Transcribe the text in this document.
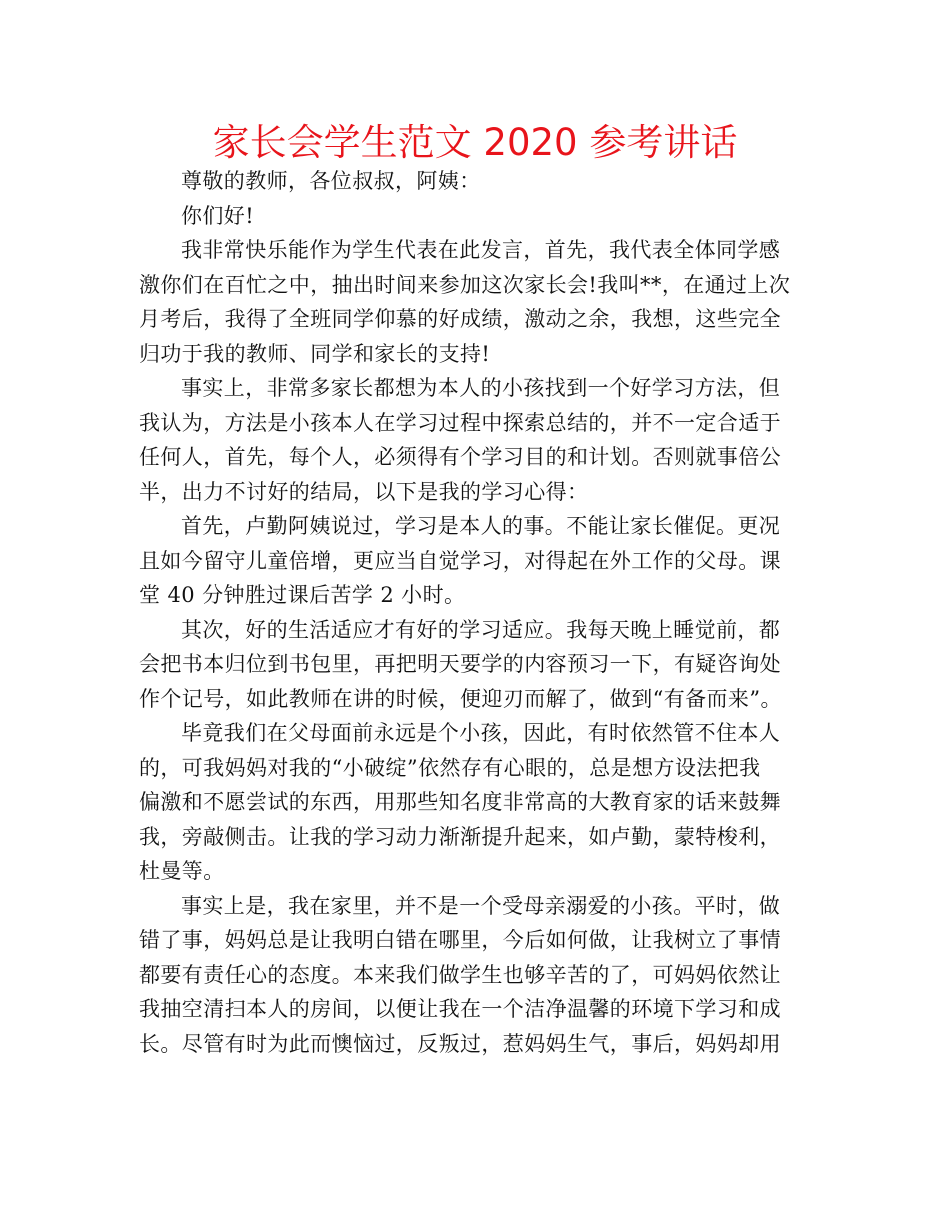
家长会学生范文 2020 参考讲话
尊敬的教师，各位叔叔，阿姨：
你们好!
我非常快乐能作为学生代表在此发言，首先，我代表全体同学感
激你们在百忙之中，抽出时间来参加这次家长会!我叫**，在通过上次
月考后，我得了全班同学仰慕的好成绩，激动之余，我想，这些完全
归功于我的教师、同学和家长的支持!
事实上，非常多家长都想为本人的小孩找到一个好学习方法，但
我认为，方法是小孩本人在学习过程中探索总结的，并不一定合适于
任何人，首先，每个人，必须得有个学习目的和计划。否则就事倍公
半，出力不讨好的结局，以下是我的学习心得：
首先，卢勤阿姨说过，学习是本人的事。不能让家长催促。更况
且如今留守儿童倍增，更应当自觉学习，对得起在外工作的父母。课
堂 40 分钟胜过课后苦学 2 小时。
其次，好的生活适应才有好的学习适应。我每天晚上睡觉前，都
会把书本归位到书包里，再把明天要学的内容预习一下，有疑咨询处
作个记号，如此教师在讲的时候，便迎刃而解了，做到“有备而来”。
毕竟我们在父母面前永远是个小孩，因此，有时依然管不住本人
的，可我妈妈对我的“小破绽”依然存有心眼的，总是想方设法把我
偏激和不愿尝试的东西，用那些知名度非常高的大教育家的话来鼓舞
我，旁敲侧击。让我的学习动力渐渐提升起来，如卢勤，蒙特梭利，
杜曼等。
事实上是，我在家里，并不是一个受母亲溺爱的小孩。平时，做
错了事，妈妈总是让我明白错在哪里，今后如何做，让我树立了事情
都要有责任心的态度。本来我们做学生也够辛苦的了，可妈妈依然让
我抽空清扫本人的房间，以便让我在一个洁净温馨的环境下学习和成
长。尽管有时为此而懊恼过，反叛过，惹妈妈生气，事后，妈妈却用
